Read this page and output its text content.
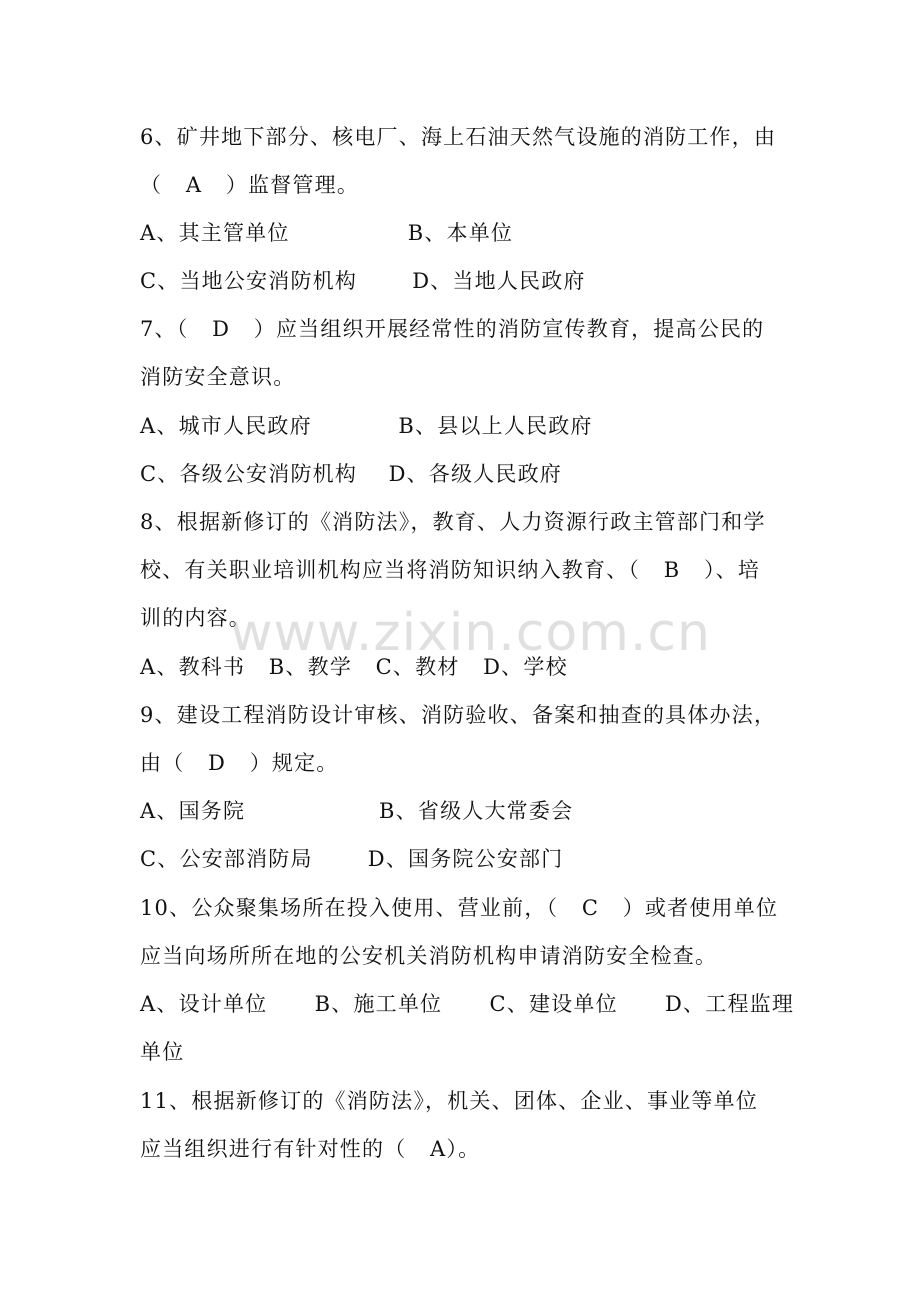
6、矿井地下部分、核电厂、海上石油天然气设施的消防工作，由
（   A   ）监督管理。
A、其主管单位               B、本单位
C、当地公安消防机构       D、当地人民政府
7、（   D   ）应当组织开展经常性的消防宣传教育，提高公民的
消防安全意识。
A、城市人民政府           B、县以上人民政府
C、各级公安消防机构    D、各级人民政府
8、根据新修订的《消防法》，教育、人力资源行政主管部门和学
校、有关职业培训机构应当将消防知识纳入教育、（   B   ）、培
训的内容。
A、教科书   B、教学   C、教材   D、学校
9、建设工程消防设计审核、消防验收、备案和抽查的具体办法，
由（   D   ）规定。
A、国务院                 B、省级人大常委会
C、公安部消防局       D、国务院公安部门
10、公众聚集场所在投入使用、营业前，（   C   ）或者使用单位
应当向场所所在地的公安机关消防机构申请消防安全检查。
A、设计单位      B、施工单位      C、建设单位      D、工程监理
单位
11、根据新修订的《消防法》，机关、团体、企业、事业等单位
应当组织进行有针对性的（   A）。
www.zixin.com.cn
